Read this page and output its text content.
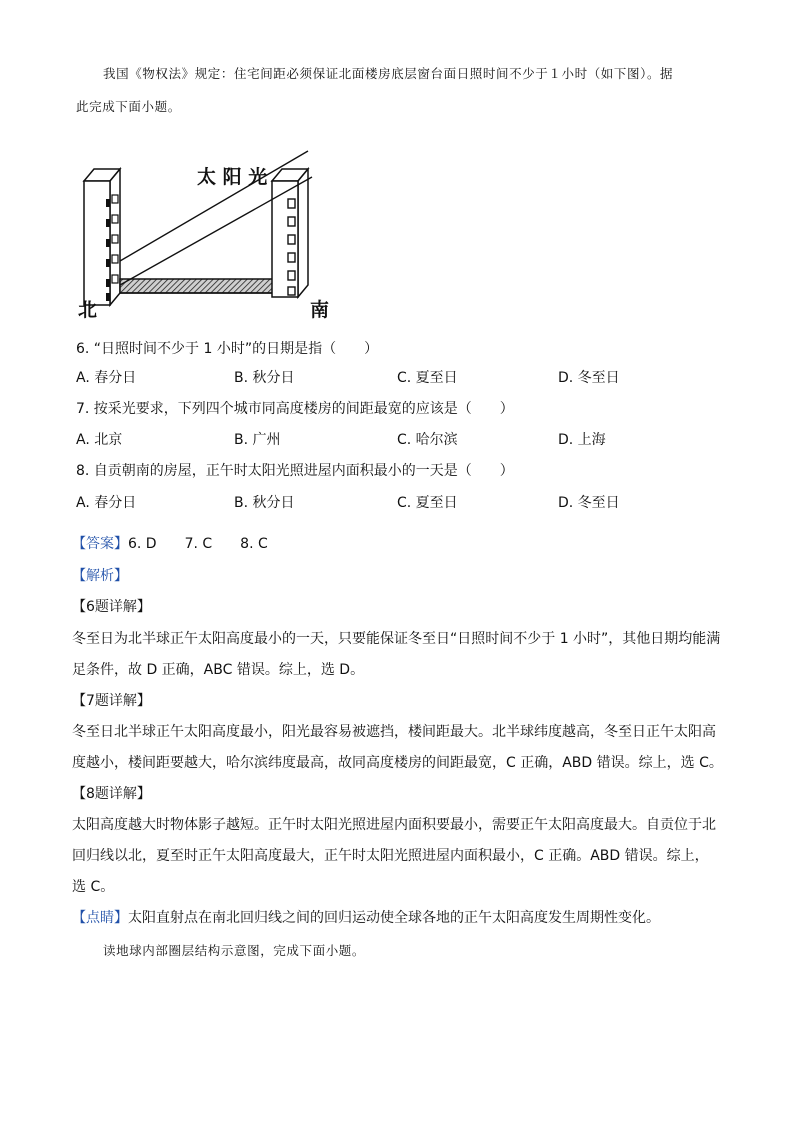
我国《物权法》规定：住宅间距必须保证北面楼房底层窗台面日照时间不少于１小时（如下图）。据
此完成下面小题。
太 阳 光
北	南
6. “日照时间不少于 1 小时”的日期是指（　　）
A. 春分日	B. 秋分日	C. 夏至日	D. 冬至日
7. 按采光要求，下列四个城市同高度楼房的间距最宽的应该是（　　）
A. 北京	B. 广州	C. 哈尔滨	D. 上海
8. 自贡朝南的房屋，正午时太阳光照进屋内面积最小的一天是（　　）
A. 春分日	B. 秋分日	C. 夏至日	D. 冬至日
【答案】6. D　　7. C　　8. C
【解析】
【6题详解】
冬至日为北半球正午太阳高度最小的一天，只要能保证冬至日“日照时间不少于 1 小时”，其他日期均能满
足条件，故 D 正确，ABC 错误。综上，选 D。
【7题详解】
冬至日北半球正午太阳高度最小，阳光最容易被遮挡，楼间距最大。北半球纬度越高，冬至日正午太阳高
度越小，楼间距要越大，哈尔滨纬度最高，故同高度楼房的间距最宽，C 正确，ABD 错误。综上，选 C。
【8题详解】
太阳高度越大时物体影子越短。正午时太阳光照进屋内面积要最小，需要正午太阳高度最大。自贡位于北
回归线以北，夏至时正午太阳高度最大，正午时太阳光照进屋内面积最小，C 正确。ABD 错误。综上，
选 C。
【点睛】太阳直射点在南北回归线之间的回归运动使全球各地的正午太阳高度发生周期性变化。
读地球内部圈层结构示意图，完成下面小题。
